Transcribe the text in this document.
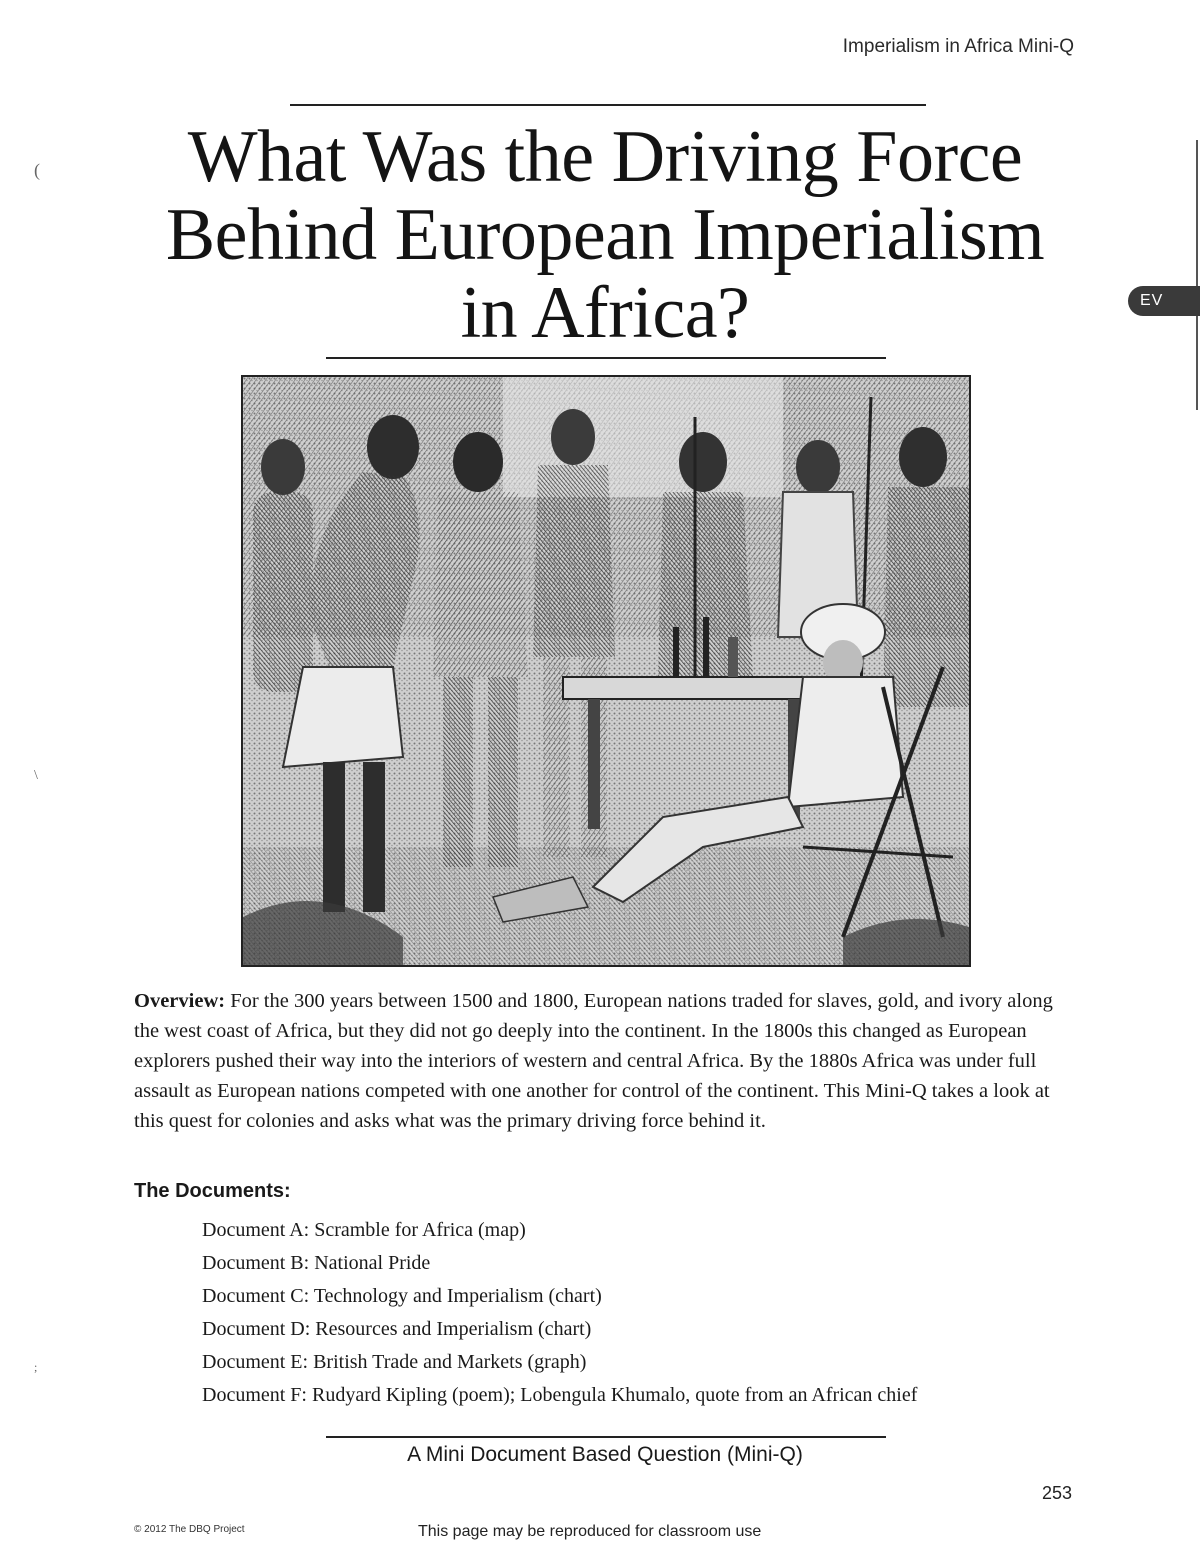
Imperialism in Africa Mini-Q
What Was the Driving Force
Behind European Imperialism
in Africa?	EV
(
\
;

Overview: For the 300 years between 1500 and 1800, European nations traded for slaves, gold, and ivory along the west coast of Africa, but they did not go deeply into the continent. In the 1800s this changed as European explorers pushed their way into the interiors of western and central Africa. By the 1880s Africa was under full assault as European nations competed with one another for control of the continent. This Mini-Q takes a look at this quest for colonies and asks what was the primary driving force behind it.

The Documents:
Document A: Scramble for Africa (map)
Document B: National Pride
Document C: Technology and Imperialism (chart)
Document D: Resources and Imperialism (chart)
Document E: British Trade and Markets (graph)
Document F: Rudyard Kipling (poem); Lobengula Khumalo, quote from an African chief
A Mini Document Based Question (Mini-Q)
253
© 2012 The DBQ Project	This page may be reproduced for classroom use
